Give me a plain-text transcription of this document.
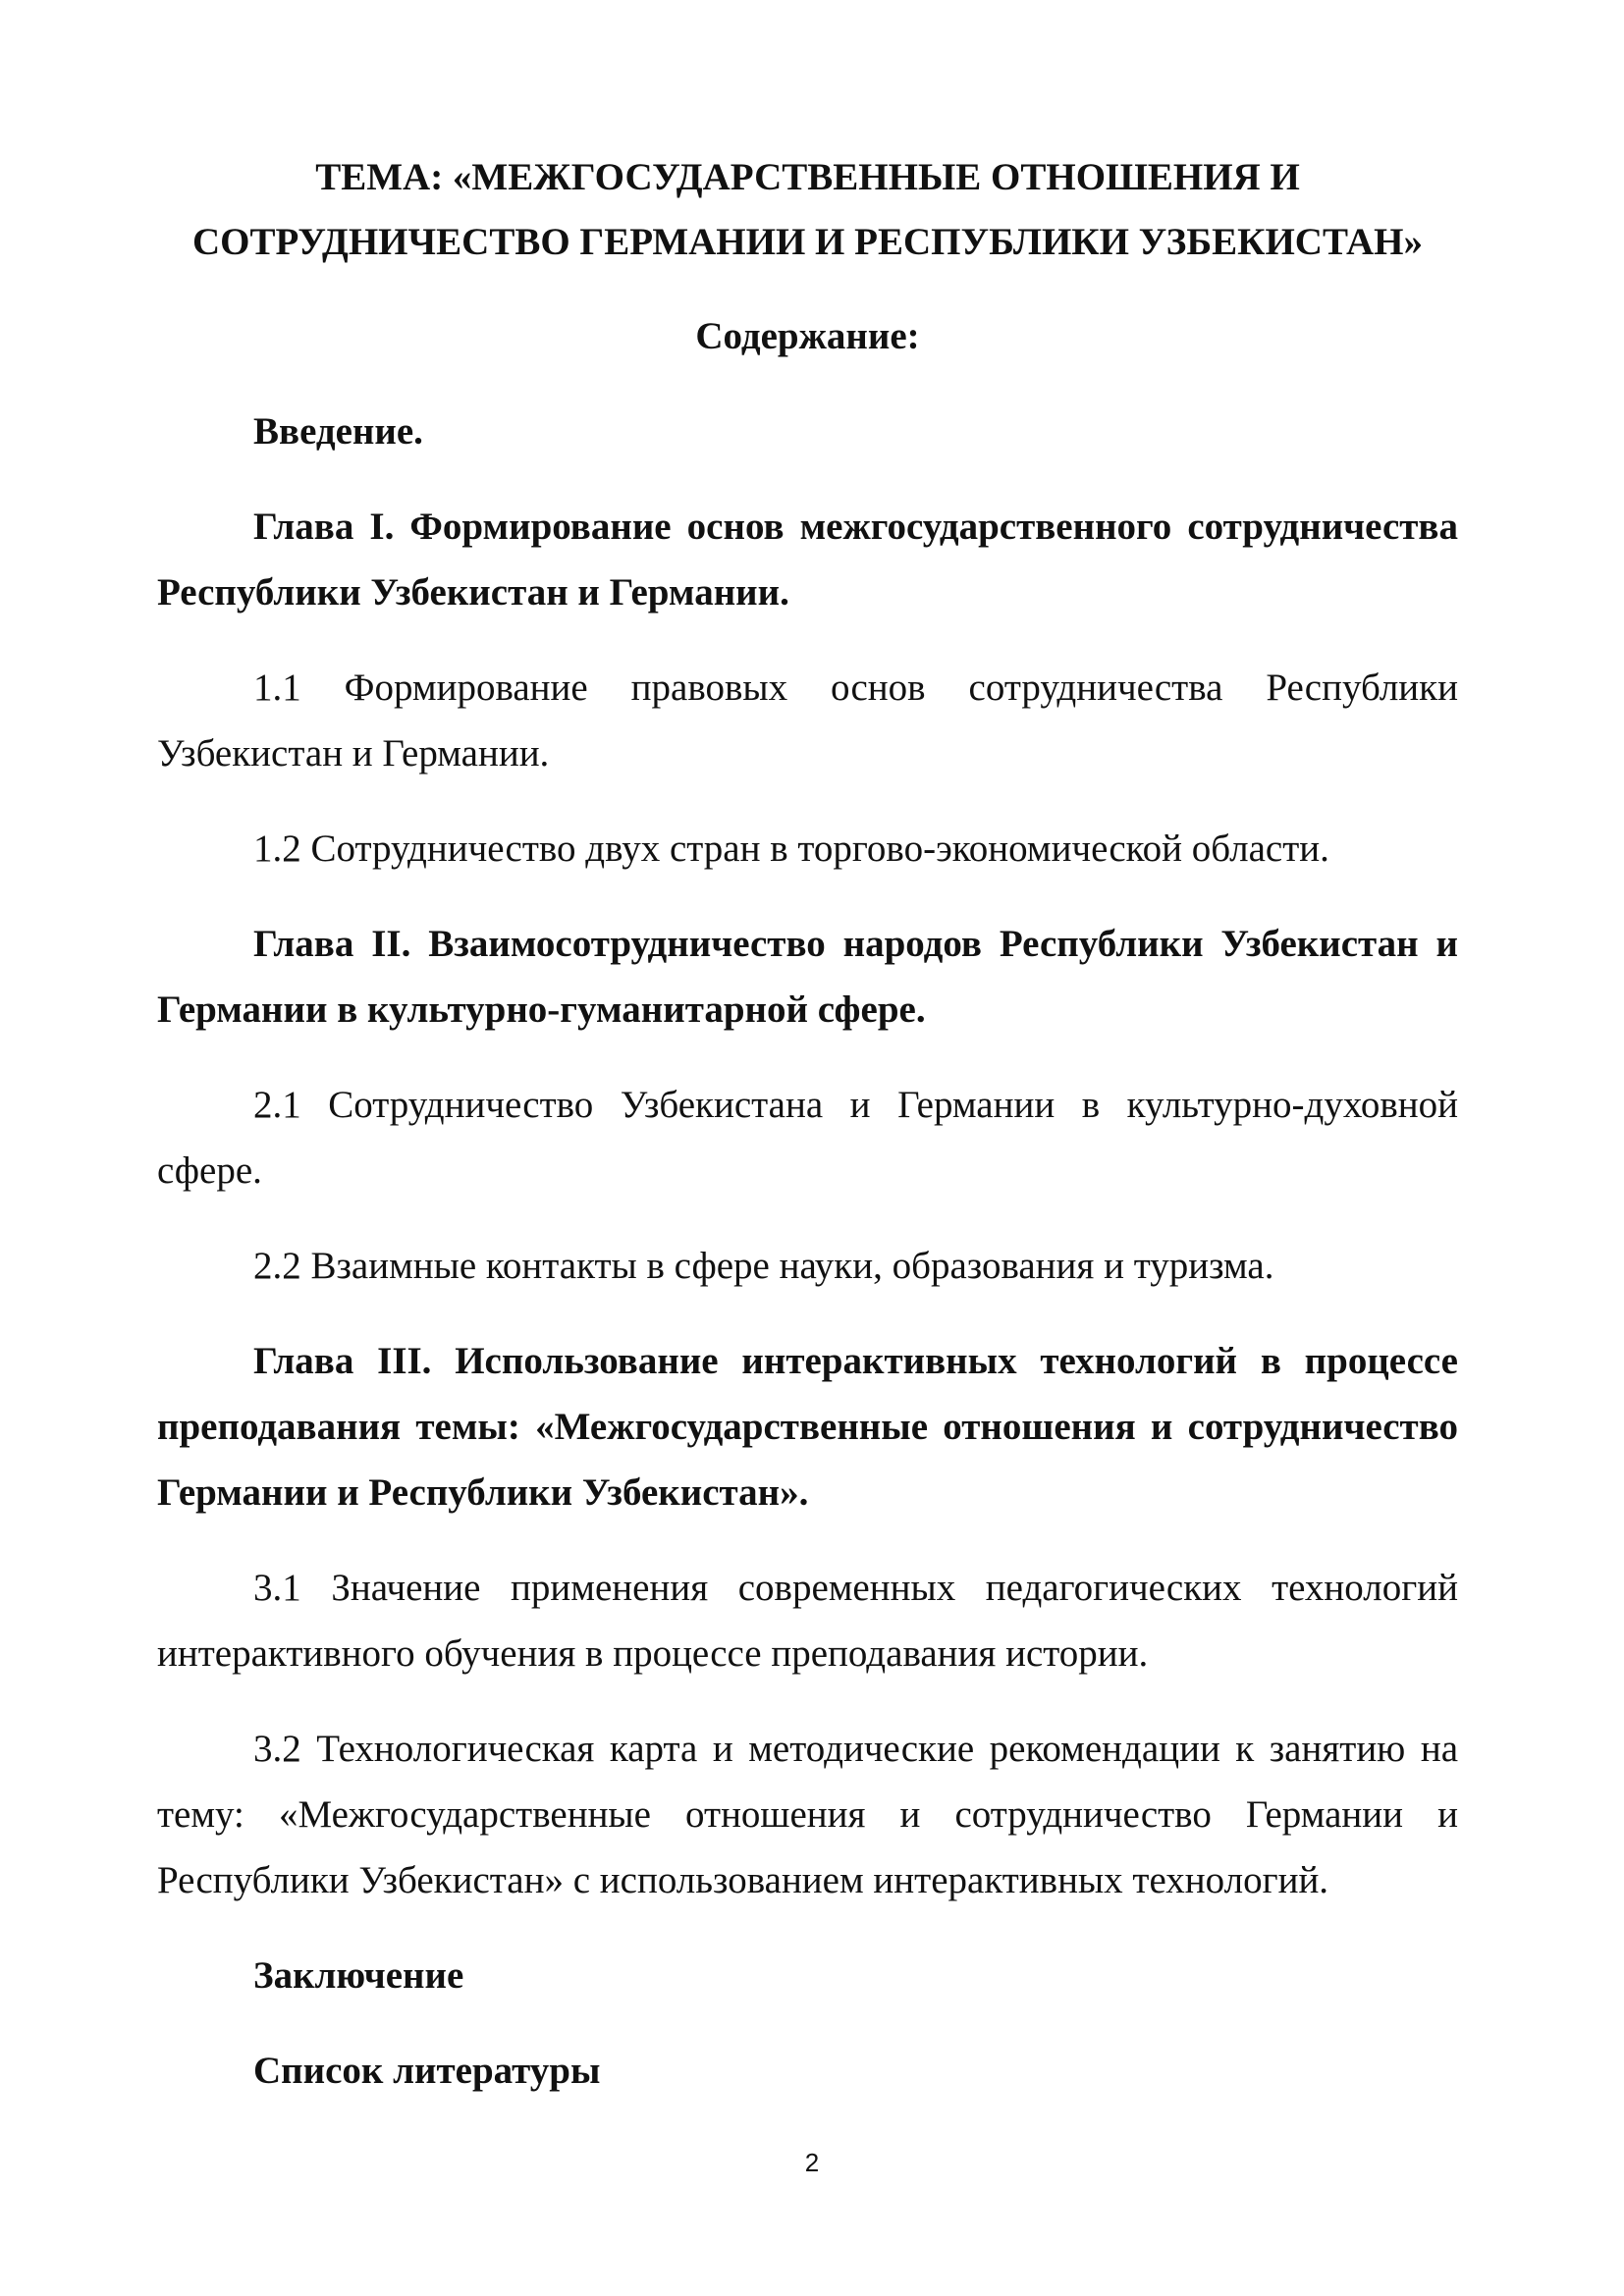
ТЕМА: «МЕЖГОСУДАРСТВЕННЫЕ ОТНОШЕНИЯ И
СОТРУДНИЧЕСТВО ГЕРМАНИИ И РЕСПУБЛИКИ УЗБЕКИСТАН»

Содержание:

Введение.

Глава I. Формирование основ межгосударственного сотрудничества Республики Узбекистан и Германии.

1.1 Формирование правовых основ сотрудничества Республики Узбекистан и Германии.

1.2 Сотрудничество двух стран в торгово-экономической области.

Глава II. Взаимосотрудничество народов Республики Узбекистан и Германии в культурно-гуманитарной сфере.

2.1 Сотрудничество Узбекистана и Германии в культурно-духовной сфере.

2.2 Взаимные контакты в сфере науки, образования и туризма.

Глава III. Использование интерактивных технологий в процессе преподавания темы: «Межгосударственные отношения и сотрудничество Германии и Республики Узбекистан».

3.1 Значение применения современных педагогических технологий интерактивного обучения в процессе преподавания истории.

3.2 Технологическая карта и методические рекомендации к занятию на тему: «Межгосударственные отношения и сотрудничество Германии и Республики Узбекистан» с использованием интерактивных технологий.

Заключение

Список литературы

2
